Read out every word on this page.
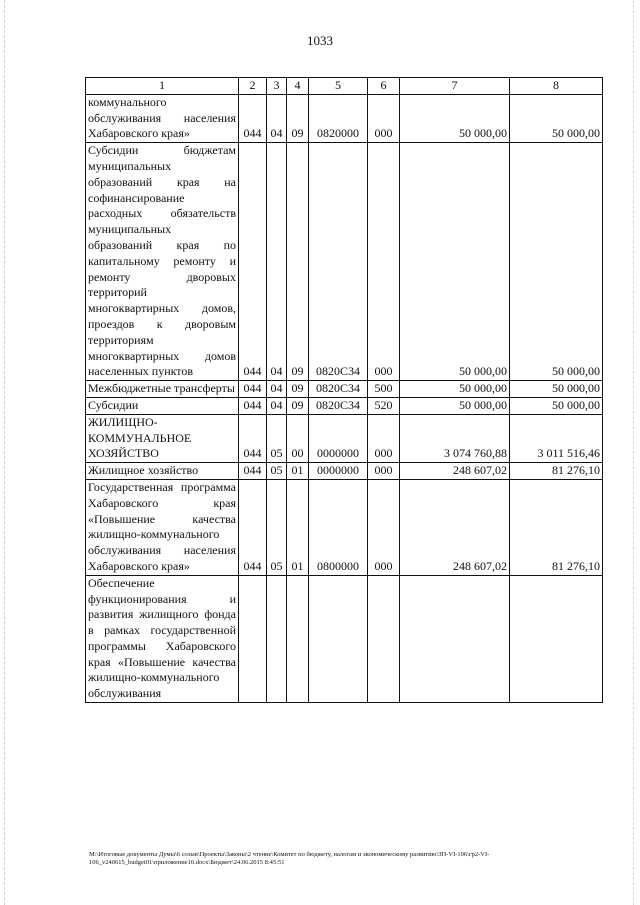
1033
1	2	3	4	5	6	7	8
коммунального обслуживания населения Хабаровского края»	044	04	09	0820000	000	50 000,00	50 000,00
Субсидии бюджетам муниципальных образований края на софинансирование расходных обязательств муниципальных образований края по капитальному ремонту и ремонту дворовых территорий многоквартирных домов, проездов к дворовым территориям многоквартирных домов населенных пунктов	044	04	09	0820С34	000	50 000,00	50 000,00
Межбюджетные трансферты	044	04	09	0820С34	500	50 000,00	50 000,00
Субсидии	044	04	09	0820С34	520	50 000,00	50 000,00
ЖИЛИЩНО-КОММУНАЛЬНОЕ ХОЗЯЙСТВО	044	05	00	0000000	000	3 074 760,88	3 011 516,46
Жилищное хозяйство	044	05	01	0000000	000	248 607,02	81 276,10
Государственная программа Хабаровского края «Повышение качества жилищно-коммунального обслуживания населения Хабаровского края»	044	05	01	0800000	000	248 607,02	81 276,10
Обеспечение функционирования и развития жилищного фонда в рамках государственной программы Хабаровского края «Повышение качества жилищно-коммунального обслуживания							
M:\Итоговые документы Думы\6 созыв\Проекты\Законы\2 чтение\Комитет по бюджету, налогам и экономическому развитию\ЗП-VI-106\гр2-VI-106_v240615_budget01\приложение10.docx\Бюджет\24.06.2015 8:45:51
